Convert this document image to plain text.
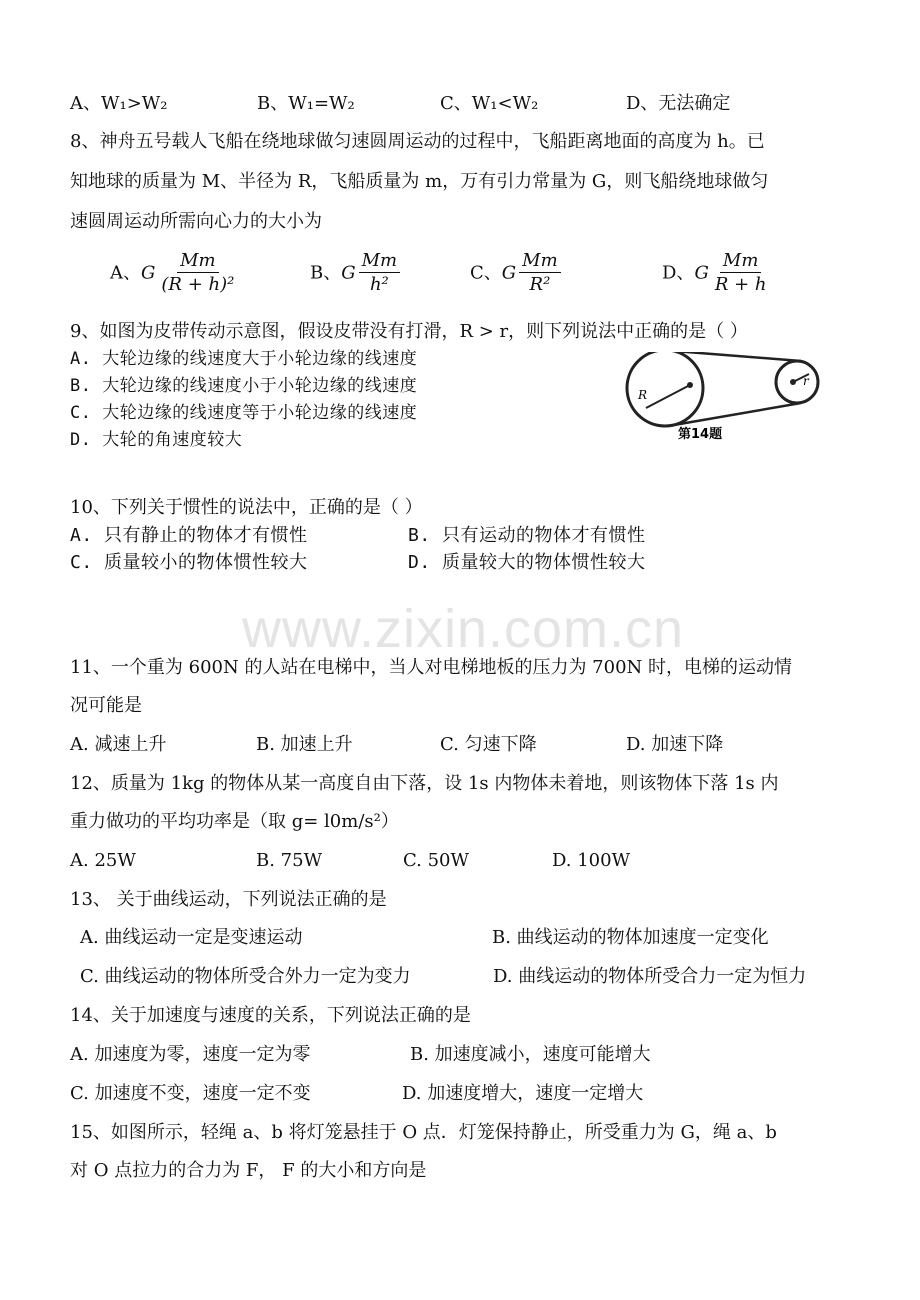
A、W₁>W₂	B、W₁=W₂	C、W₁<W₂	D、无法确定
8、神舟五号载人飞船在绕地球做匀速圆周运动的过程中，飞船距离地面的高度为 h。已
知地球的质量为 M、半径为 R，飞船质量为 m，万有引力常量为 G，则飞船绕地球做匀
速圆周运动所需向心力的大小为
A、G $\frac{Mm}{\text{(R + h)²}}$	B、G $\frac{Mm}{\text{h²}}$	C、G $\frac{Mm}{\text{R²}}$	D、G $\frac{Mm}{R + h}$
9、如图为皮带传动示意图，假设皮带没有打滑，R > r，则下列说法中正确的是（ ）
A. 大轮边缘的线速度大于小轮边缘的线速度
B. 大轮边缘的线速度小于小轮边缘的线速度
C. 大轮边缘的线速度等于小轮边缘的线速度
D. 大轮的角速度较大
R
r
第14题
10、下列关于惯性的说法中，正确的是（ ）
A. 只有静止的物体才有惯性	B. 只有运动的物体才有惯性
C. 质量较小的物体惯性较大	D. 质量较大的物体惯性较大
www.zixin.com.cn
11、一个重为 600N 的人站在电梯中，当人对电梯地板的压力为 700N 时，电梯的运动情
况可能是
A. 减速上升	B. 加速上升	C. 匀速下降	D. 加速下降
12、质量为 1kg 的物体从某一高度自由下落，设 1s 内物体未着地，则该物体下落 1s 内
重力做功的平均功率是（取 g= l0m/s²）
A. 25W	B. 75W	C. 50W	D. 100W
13、 关于曲线运动，下列说法正确的是
A. 曲线运动一定是变速运动	B. 曲线运动的物体加速度一定变化
C. 曲线运动的物体所受合外力一定为变力	D. 曲线运动的物体所受合力一定为恒力
14、关于加速度与速度的关系，下列说法正确的是
A. 加速度为零，速度一定为零	B. 加速度减小，速度可能增大
C. 加速度不变，速度一定不变	D. 加速度增大，速度一定增大
15、如图所示，轻绳 a、b 将灯笼悬挂于 O 点．灯笼保持静止，所受重力为 G，绳 a、b
对 O 点拉力的合力为 F， F 的大小和方向是
